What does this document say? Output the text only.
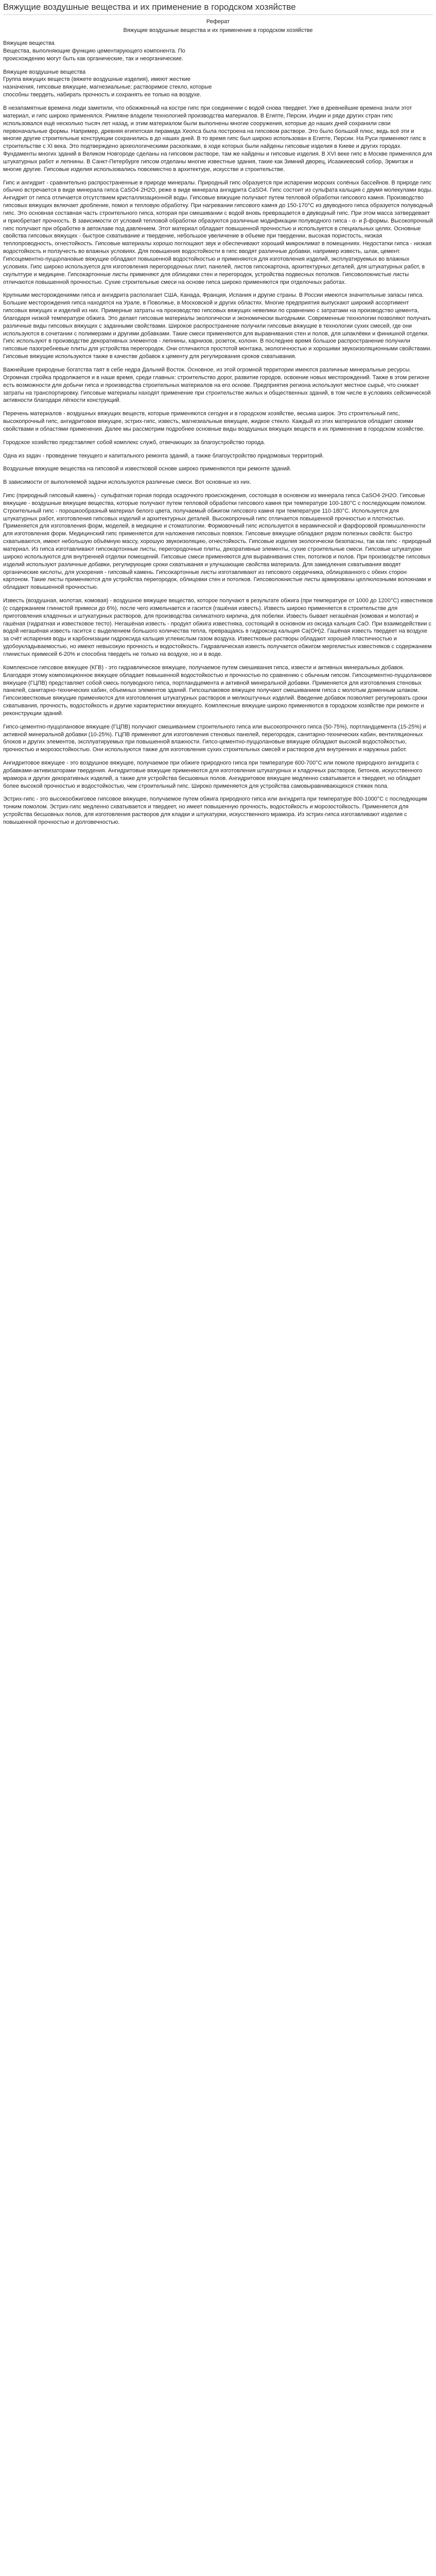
Вяжущие воздушные вещества и их применение в городском хозяйстве
Реферат
Вяжущие воздушные вещества и их применение в городском хозяйстве
Вяжущие вещества
Вещества, выполняющие функцию цементирующего компонента. По
происхождению могут быть как органические, так и неорганические.
Вяжущие воздушные вещества
Группа вяжущих веществ (вяжете воздушные изделия), имеют жесткие
назначения, гипсовые вяжущие, магнезиальные; растворимое стекло, которые
способны твердеть, набирать прочность и сохранять ее только на воздухе.

В незапамятные времена люди заметили, что обожженный на костре гипс при соединении с водой снова твердеет. Уже в древнейшие времена знали этот материал, и гипс широко применялся. Римляне владели технологией производства материалов. В Египте, Персии, Индии и ряде других стран гипс использовался ещё несколько тысяч лет назад, и этим материалом были выполнены многие сооружения, которые до наших дней сохранили свои первоначальные формы. Например, древняя египетская пирамида Хеопса была построена на гипсовом растворе. Это было большой плюс, ведь всё эти и многие другие строительные конструкции сохранились в до наших дней. В то время гипс был широко использован в Египте, Персии. На Руси применяют гипс в строительстве с XI века. Это подтверждено археологическими раскопками, в ходе которых были найдены гипсовые изделия в Киеве и других городах. Фундаменты многих зданий в Великом Новгороде сделаны на гипсовом растворе, там же найдены и гипсовые изделия. В XVI веке гипс в Москве применялся для штукатурных работ и лепнины. В Санкт-Петербурге гипсом отделаны многие известные здания, такие как Зимний дворец, Исаакиевский собор, Эрмитаж и многие другие. Гипсовые изделия использовались повсеместно в архитектуре, искусстве и строительстве.

Гипс и ангидрит - сравнительно распространенные в природе минералы. Природный гипс образуется при испарении морских солёных бассейнов. В природе гипс обычно встречается в виде минерала гипса CaSO4·2H2O, реже в виде минерала ангидрита CaSO4. Гипс состоит из сульфата кальция с двумя молекулами воды. Ангидрит от гипса отличается отсутствием кристаллизационной воды. Гипсовые вяжущие получают путем тепловой обработки гипсового камня. Производство гипсовых вяжущих включает дробление, помол и тепловую обработку. При нагревании гипсового камня до 150-170°C из двуводного гипса образуется полуводный гипс. Это основная составная часть строительного гипса, которая при смешивании с водой вновь превращается в двуводный гипс. При этом масса затвердевает и приобретает прочность. В зависимости от условий тепловой обработки образуются различные модификации полуводного гипса - α- и β-формы. Высокопрочный гипс получают при обработке в автоклаве под давлением. Этот материал обладает повышенной прочностью и используется в специальных целях. Основные свойства гипсовых вяжущих - быстрое схватывание и твердение, небольшое увеличение в объеме при твердении, высокая пористость, низкая теплопроводность, огнестойкость. Гипсовые материалы хорошо поглощают звук и обеспечивают хороший микроклимат в помещениях. Недостатки гипса - низкая водостойкость и ползучесть во влажных условиях. Для повышения водостойкости в гипс вводят различные добавки, например известь, шлак, цемент. Гипсоцементно-пуццолановые вяжущие обладают повышенной водостойкостью и применяются для изготовления изделий, эксплуатируемых во влажных условиях. Гипс широко используется для изготовления перегородочных плит, панелей, листов гипсокартона, архитектурных деталей, для штукатурных работ, в скульптуре и медицине. Гипсокартонные листы применяют для облицовки стен и перегородок, устройства подвесных потолков. Гипсоволокнистые листы отличаются повышенной прочностью. Сухие строительные смеси на основе гипса широко применяются при отделочных работах.

Крупными месторождениями гипса и ангидрита располагает США, Канада, Франция, Испания и другие страны. В России имеются значительные запасы гипса. Большие месторождения гипса находятся на Урале, в Поволжье, в Московской и других областях. Многие предприятия выпускают широкий ассортимент гипсовых вяжущих и изделий из них. Примерные затраты на производство гипсовых вяжущих невелики по сравнению с затратами на производство цемента, благодаря низкой температуре обжига. Это делает гипсовые материалы экологически и экономически выгодными. Современные технологии позволяют получать различные виды гипсовых вяжущих с заданными свойствами. Широкое распространение получили гипсовые вяжущие в технологии сухих смесей, где они используются в сочетании с полимерами и другими добавками. Такие смеси применяются для выравнивания стен и полов, для шпаклёвки и финишной отделки. Гипс используют в производстве декоративных элементов - лепнины, карнизов, розеток, колонн. В последнее время большое распространение получили гипсовые пазогребневые плиты для устройства перегородок. Они отличаются простотой монтажа, экологичностью и хорошими звукоизоляционными свойствами. Гипсовые вяжущие используются также в качестве добавок к цементу для регулирования сроков схватывания.

Важнейшие природные богатства таят в себе недра Дальний Восток. Основное, из этой огромной территории имеются различные минеральные ресурсы. Огромная стройка продолжается и в наше время, среди главных: строительство дорог, развитие городов, освоение новых месторождений. Также в этом регионе есть возможности для добычи гипса и производства строительных материалов на его основе. Предприятия региона используют местное сырьё, что снижает затраты на транспортировку. Гипсовые материалы находят применение при строительстве жилых и общественных зданий, в том числе в условиях сейсмической активности благодаря лёгкости конструкций.

Перечень материалов - воздушных вяжущих веществ, которые применяются сегодня и в городском хозяйстве, весьма широк. Это строительный гипс, высокопрочный гипс, ангидритовое вяжущее, эстрих-гипс, известь, магнезиальные вяжущие, жидкое стекло. Каждый из этих материалов обладает своими свойствами и областями применения. Далее мы рассмотрим подробнее основные виды воздушных вяжущих веществ и их применение в городском хозяйстве.

Городское хозяйство представляет собой комплекс служб, отвечающих за благоустройство города.

Одна из задач - проведение текущего и капитального ремонта зданий, а также благоустройство придомовых территорий.

Воздушные вяжущие вещества на гипсовой и известковой основе широко применяются при ремонте зданий.

В зависимости от выполняемой задачи используются различные смеси. Вот основные из них.

Гипс (природный гипсовый камень) - сульфатная горная порода осадочного происхождения, состоящая в основном из минерала гипса CaSO4·2H2O. Гипсовые вяжущие - воздушные вяжущие вещества, которые получают путем тепловой обработки гипсового камня при температуре 100-180°C с последующим помолом. Строительный гипс - порошкообразный материал белого цвета, получаемый обжигом гипсового камня при температуре 110-180°C. Используется для штукатурных работ, изготовления гипсовых изделий и архитектурных деталей. Высокопрочный гипс отличается повышенной прочностью и плотностью. Применяется для изготовления форм, моделей, в медицине и стоматологии. Формовочный гипс используется в керамической и фарфоровой промышленности для изготовления форм. Медицинский гипс применяется для наложения гипсовых повязок. Гипсовые вяжущие обладают рядом полезных свойств: быстро схватываются, имеют небольшую объёмную массу, хорошую звукоизоляцию, огнестойкость. Гипсовые изделия экологически безопасны, так как гипс - природный материал. Из гипса изготавливают гипсокартонные листы, перегородочные плиты, декоративные элементы, сухие строительные смеси. Гипсовые штукатурки широко используются для внутренней отделки помещений. Гипсовые смеси применяются для выравнивания стен, потолков и полов. При производстве гипсовых изделий используют различные добавки, регулирующие сроки схватывания и улучшающие свойства материала. Для замедления схватывания вводят органические кислоты, для ускорения - гипсовый камень. Гипсокартонные листы изготавливают из гипсового сердечника, облицованного с обеих сторон картоном. Такие листы применяются для устройства перегородок, облицовки стен и потолков. Гипсоволокнистые листы армированы целлюлозными волокнами и обладают повышенной прочностью.

Известь (воздушная, молотая, комовая) - воздушное вяжущее вещество, которое получают в результате обжига (при температуре от 1000 до 1200°C) известняков (с содержанием глинистой примеси до 6%), после чего измельчается и гасится (гашёная известь). Известь широко применяется в строительстве для приготовления кладочных и штукатурных растворов, для производства силикатного кирпича, для побелки. Известь бывает негашёная (комовая и молотая) и гашёная (гидратная и известковое тесто). Негашёная известь - продукт обжига известняка, состоящий в основном из оксида кальция CaO. При взаимодействии с водой негашёная известь гасится с выделением большого количества тепла, превращаясь в гидроксид кальция Ca(OH)2. Гашёная известь твердеет на воздухе за счёт испарения воды и карбонизации гидроксида кальция углекислым газом воздуха. Известковые растворы обладают хорошей пластичностью и удобоукладываемостью, но имеют невысокую прочность и водостойкость. Гидравлическая известь получается обжигом мергелистых известняков с содержанием глинистых примесей 6-20% и способна твердеть не только на воздухе, но и в воде.

Комплексное гипсовое вяжущее (КГВ) - это гидравлическое вяжущее, получаемое путем смешивания гипса, извести и активных минеральных добавок. Благодаря этому композиционное вяжущее обладает повышенной водостойкостью и прочностью по сравнению с обычным гипсом. Гипсоцементно-пуццолановое вяжущее (ГЦПВ) представляет собой смесь полуводного гипса, портландцемента и активной минеральной добавки. Применяется для изготовления стеновых панелей, санитарно-технических кабин, объемных элементов зданий. Гипсошлаковое вяжущее получают смешиванием гипса с молотым доменным шлаком. Гипсоизвестковые вяжущие применяются для изготовления штукатурных растворов и мелкоштучных изделий. Введение добавок позволяет регулировать сроки схватывания, прочность, водостойкость и другие характеристики вяжущего. Комплексные вяжущие широко применяются в городском хозяйстве при ремонте и реконструкции зданий.

Гипсо-цементно-пуццолановое вяжущее (ГЦПВ) получают смешиванием строительного гипса или высокопрочного гипса (50-75%), портландцемента (15-25%) и активной минеральной добавки (10-25%). ГЦПВ применяют для изготовления стеновых панелей, перегородок, санитарно-технических кабин, вентиляционных блоков и других элементов, эксплуатируемых при повышенной влажности. Гипсо-цементно-пуццолановые вяжущие обладают высокой водостойкостью, прочностью и морозостойкостью. Они используются также для изготовления сухих строительных смесей и растворов для внутренних и наружных работ.

Ангидритовое вяжущее - это воздушное вяжущее, получаемое при обжиге природного гипса при температуре 600-700°С или помоле природного ангидрита с добавками-активизаторами твердения. Ангидритовые вяжущие применяются для изготовления штукатурных и кладочных растворов, бетонов, искусственного мрамора и других декоративных изделий, а также для устройства бесшовных полов. Ангидритовое вяжущее медленно схватывается и твердеет, но обладает более высокой прочностью и водостойкостью, чем строительный гипс. Широко применяется для устройства самовыравнивающихся стяжек пола.

Эстрих-гипс - это высокообжиговое гипсовое вяжущее, получаемое путем обжига природного гипса или ангидрита при температуре 800-1000°С с последующим тонким помолом. Эстрих-гипс медленно схватывается и твердеет, но имеет повышенную прочность, водостойкость и морозостойкость. Применяется для устройства бесшовных полов, для изготовления растворов для кладки и штукатурки, искусственного мрамора. Из эстрих-гипса изготавливают изделия с повышенной прочностью и долговечностью.
